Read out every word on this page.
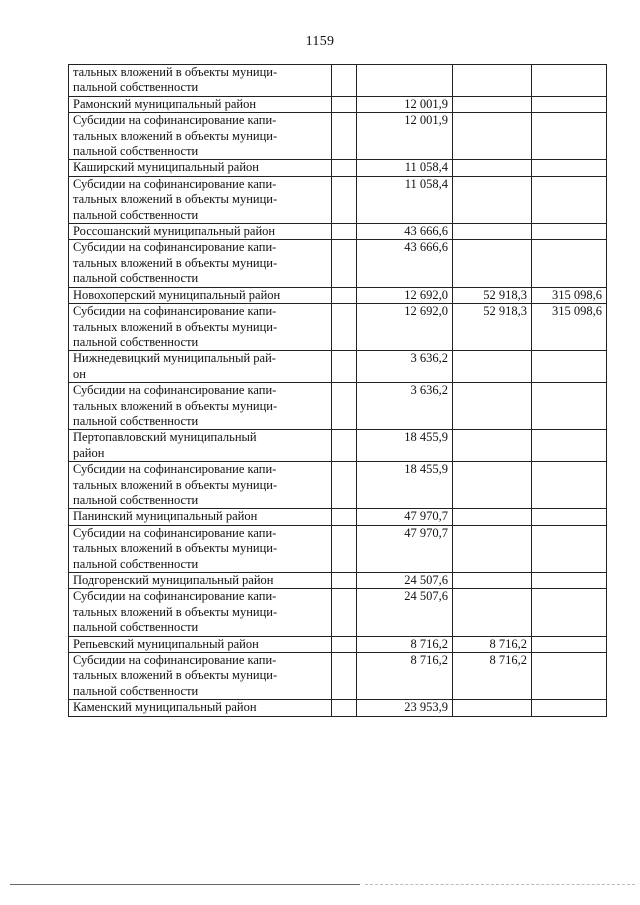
1159
тальных вложений в объекты муници-
пальной собственности				
Рамонский муниципальный район		12 001,9		
Субсидии на софинансирование капи-
тальных вложений в объекты муници-
пальной собственности		12 001,9		
Каширский муниципальный район		11 058,4		
Субсидии на софинансирование капи-
тальных вложений в объекты муници-
пальной собственности		11 058,4		
Россошанский муниципальный район		43 666,6		
Субсидии на софинансирование капи-
тальных вложений в объекты муници-
пальной собственности		43 666,6		
Новохоперский муниципальный район		12 692,0	52 918,3	315 098,6
Субсидии на софинансирование капи-
тальных вложений в объекты муници-
пальной собственности		12 692,0	52 918,3	315 098,6
Нижнедевицкий муниципальный рай-
он		3 636,2		
Субсидии на софинансирование капи-
тальных вложений в объекты муници-
пальной собственности		3 636,2		
Пертопавловский муниципальный
район		18 455,9		
Субсидии на софинансирование капи-
тальных вложений в объекты муници-
пальной собственности		18 455,9		
Панинский муниципальный район		47 970,7		
Субсидии на софинансирование капи-
тальных вложений в объекты муници-
пальной собственности		47 970,7		
Подгоренский муниципальный район		24 507,6		
Субсидии на софинансирование капи-
тальных вложений в объекты муници-
пальной собственности		24 507,6		
Репьевский муниципальный район		8 716,2	8 716,2	
Субсидии на софинансирование капи-
тальных вложений в объекты муници-
пальной собственности		8 716,2	8 716,2	
Каменский муниципальный район		23 953,9		
